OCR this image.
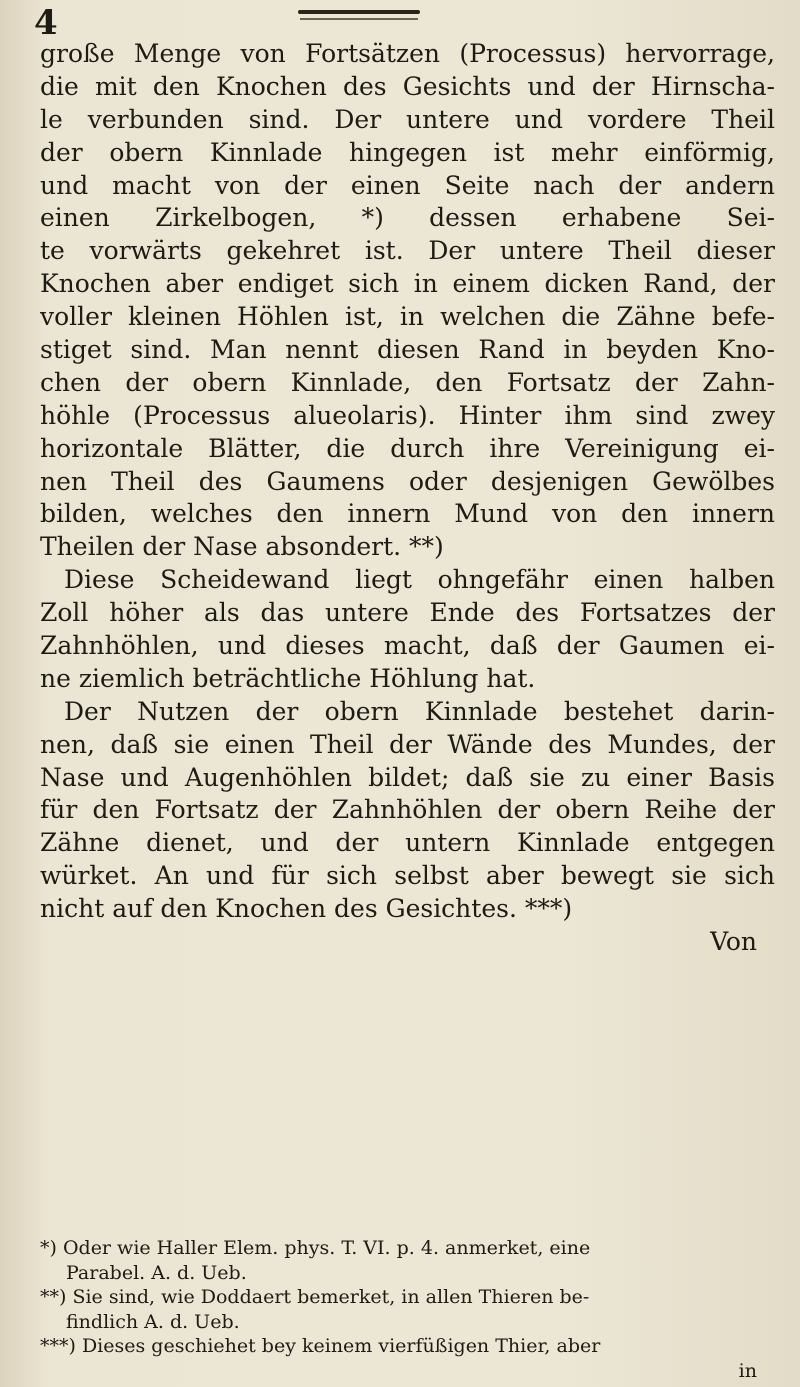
4
große Menge von Fortsätzen (Processus) hervorrage,
die mit den Knochen des Gesichts und der Hirnscha-
le verbunden sind. Der untere und vordere Theil
der obern Kinnlade hingegen ist mehr einförmig,
und macht von der einen Seite nach der andern
einen Zirkelbogen, *) dessen erhabene Sei-
te vorwärts gekehret ist. Der untere Theil dieser
Knochen aber endiget sich in einem dicken Rand, der
voller kleinen Höhlen ist, in welchen die Zähne befe-
stiget sind. Man nennt diesen Rand in beyden Kno-
chen der obern Kinnlade, den Fortsatz der Zahn-
höhle (Processus alueolaris). Hinter ihm sind zwey
horizontale Blätter, die durch ihre Vereinigung ei-
nen Theil des Gaumens oder desjenigen Gewölbes
bilden, welches den innern Mund von den innern
Theilen der Nase absondert. **)
Diese Scheidewand liegt ohngefähr einen halben
Zoll höher als das untere Ende des Fortsatzes der
Zahnhöhlen, und dieses macht, daß der Gaumen ei-
ne ziemlich beträchtliche Höhlung hat.
Der Nutzen der obern Kinnlade bestehet darin-
nen, daß sie einen Theil der Wände des Mundes, der
Nase und Augenhöhlen bildet; daß sie zu einer Basis
für den Fortsatz der Zahnhöhlen der obern Reihe der
Zähne dienet, und der untern Kinnlade entgegen
würket. An und für sich selbst aber bewegt sie sich
nicht auf den Knochen des Gesichtes. ***)
Von
*) Oder wie Haller Elem. phys. T. VI. p. 4. anmerket, eine
Parabel. A. d. Ueb.
**) Sie sind, wie Doddaert bemerket, in allen Thieren be-
findlich A. d. Ueb.
***) Dieses geschiehet bey keinem vierfüßigen Thier, aber
in
